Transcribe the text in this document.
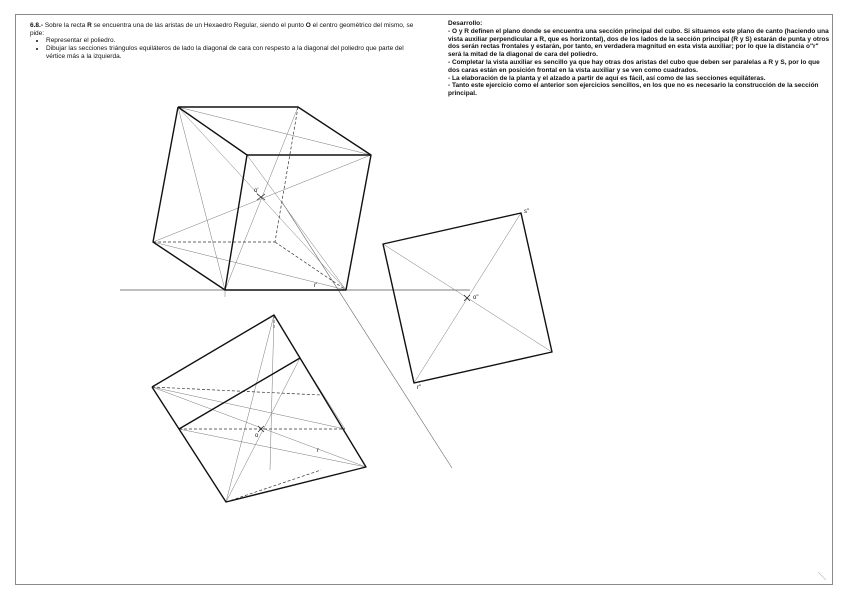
6.8.- Sobre la recta R se encuentra una de las aristas de un Hexaedro Regular, siendo el punto O el centro geométrico del mismo, se pide:

• Representar el poliedro.
• Dibujar las secciones triángulos equiláteros de lado la diagonal de cara con respesto a la diagonal del poliedro que parte del vértice más a la izquierda.

Desarrollo:

- O y R definen el plano donde se encuentra una sección principal del cubo. Si situamos este plano de canto (haciendo una vista auxiliar perpendicular a R, que es horizontal), dos de los lados de la sección principal (R y S) estarán de punta y otros dos serán rectas frontales y estarán, por tanto, en verdadera magnitud en esta vista auxiliar; por lo que la distancia o"r" será la mitad de la diagonal de cara del poliedro.

- Completar la vista auxiliar es sencillo ya que hay otras dos aristas del cubo que deben ser paralelas a R y S, por lo que dos caras están en posición frontal en la vista auxiliar y se ven como cuadrados.

- La elaboración de la planta y el alzado a partir de aquí es fácil, así como de las secciones equiláteras.

- Tanto este ejercicio como el anterior son ejercicios sencillos, en los que no es necesario la construcción de la sección principal.

o'
r'
o
r
s"
o"
r"
